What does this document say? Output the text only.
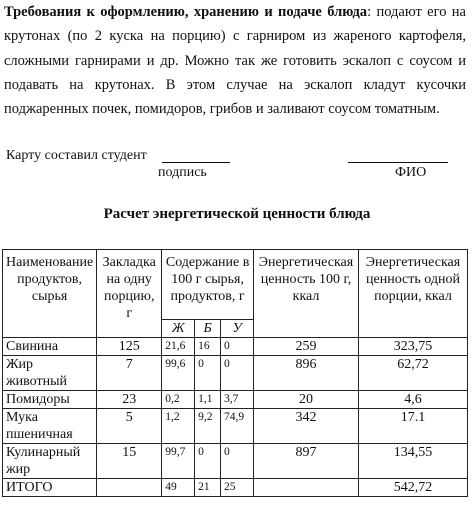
Требования к оформлению, хранению и подаче блюда: подают его на
крутонах (по 2 куска на порцию) с гарниром из жареного картофеля,
сложными гарнирами и др. Можно так же готовить эскалоп с соусом и
подавать на крутонах. В этом случае на эскалоп кладут кусочки
поджаренных почек, помидоров, грибов и заливают соусом томатным.
Карту составил студент
подпись	ФИО
Расчет энергетической ценности блюда
Наименование продуктов, сырья	Закладка на одну порцию, г	Содержание в 100 г сырья, продуктов, г			Энергетическая ценность 100 г, ккал	Энергетическая ценность одной порции, ккал
		Ж	Б	У		
Свинина	125	21,6	16	0	259	323,75
Жир животный	7	99,6	0	0	896	62,72
Помидоры	23	0,2	1,1	3,7	20	4,6
Мука пшеничная	5	1,2	9,2	74,9	342	17.1
Кулинарный жир	15	99,7	0	0	897	134,55
ИТОГО		49	21	25		542,72
